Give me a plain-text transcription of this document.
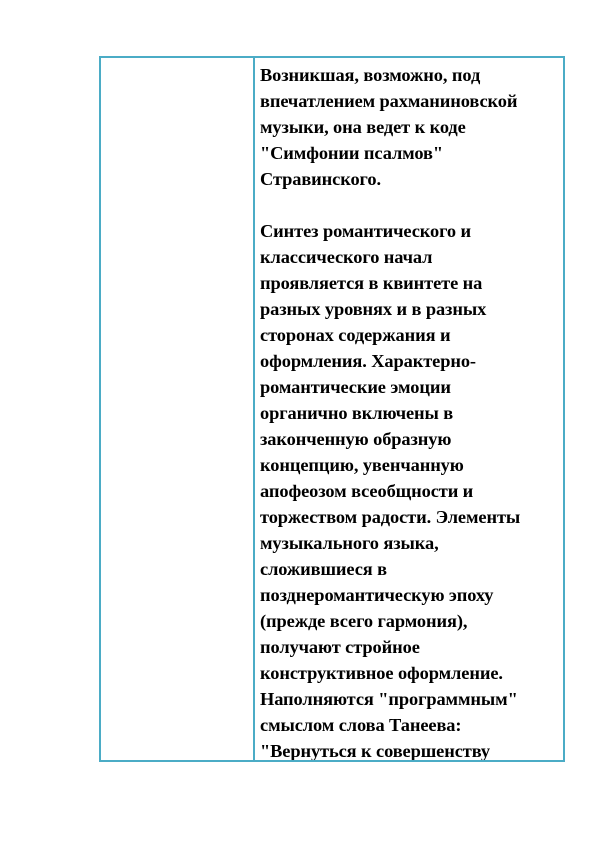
Возникшая, возможно, под
впечатлением рахманиновской
музыки, она ведет к коде
"Симфонии псалмов"
Стравинского.

Синтез романтического и
классического начал
проявляется в квинтете на
разных уровнях и в разных
сторонах содержания и
оформления. Характерно-
романтические эмоции
органично включены в
законченную образную
концепцию, увенчанную
апофеозом всеобщности и
торжеством радости. Элементы
музыкального языка,
сложившиеся в
позднеромантическую эпоху
(прежде всего гармония),
получают стройное
конструктивное оформление.
Наполняются "программным"
смыслом слова Танеева:
"Вернуться к совершенству
